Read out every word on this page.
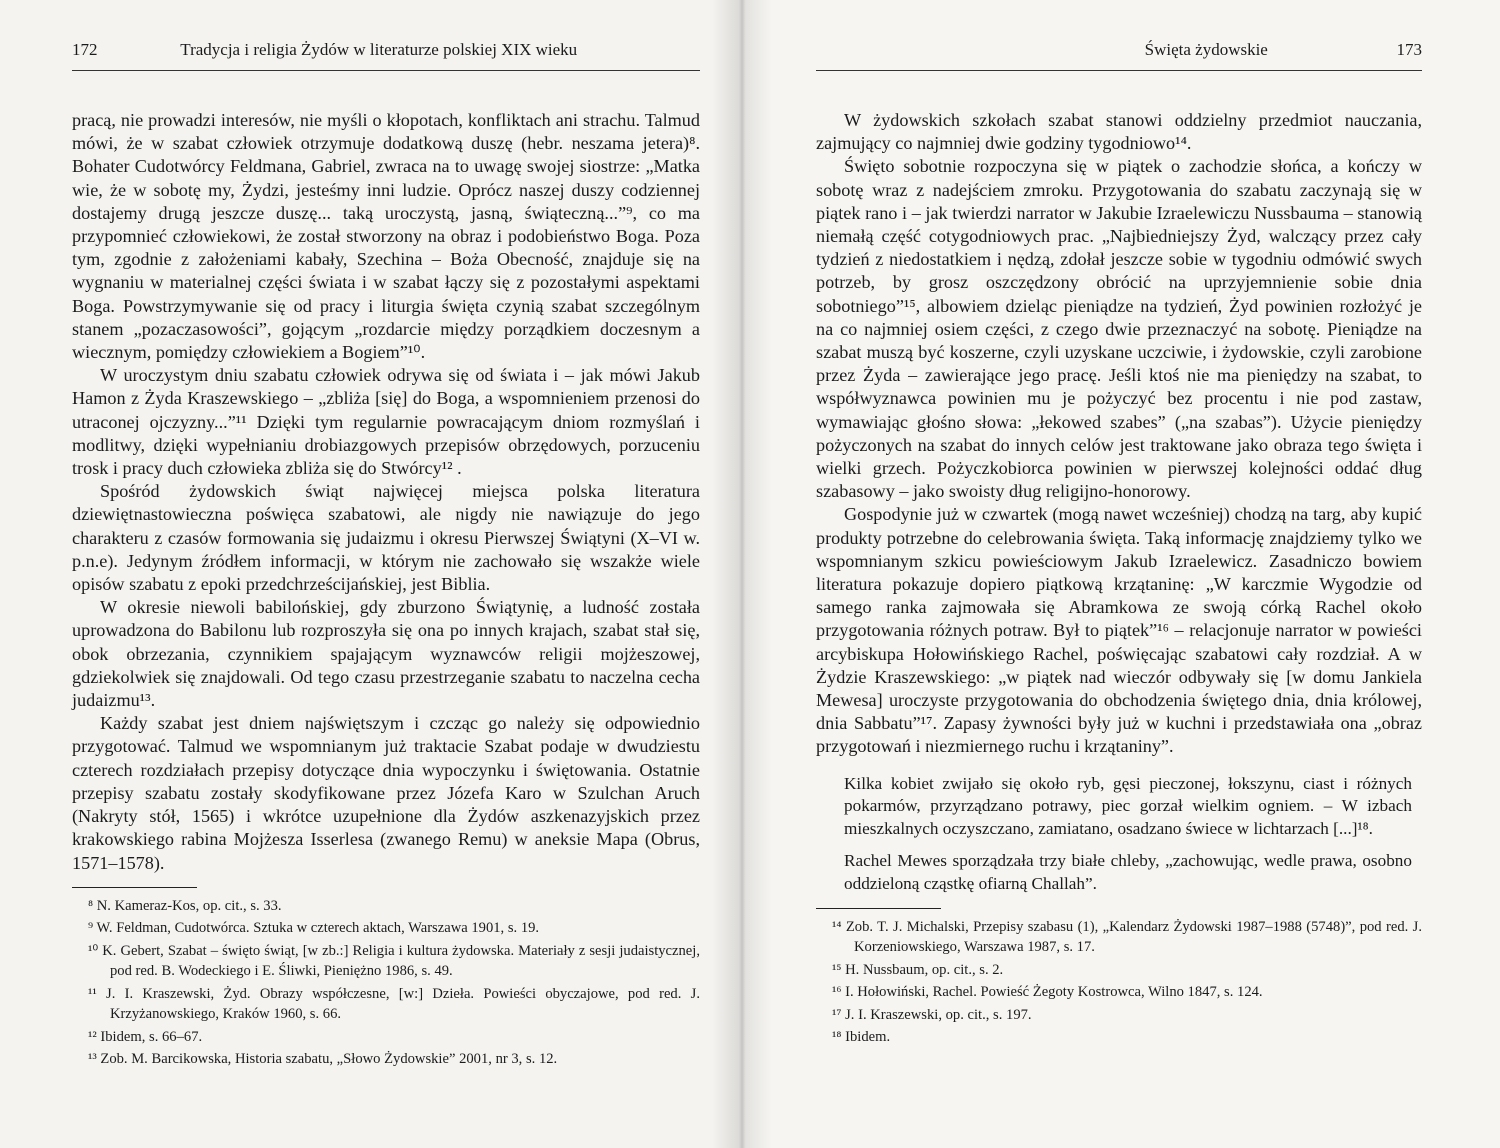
172	Tradycja i religia Żydów w literaturze polskiej XIX wieku

pracą, nie prowadzi interesów, nie myśli o kłopotach, konfliktach ani strachu. Talmud mówi, że w szabat człowiek otrzymuje dodatkową duszę (hebr. neszama jetera)⁸. Bohater Cudotwórcy Feldmana, Gabriel, zwraca na to uwagę swojej siostrze: „Matka wie, że w sobotę my, Żydzi, jesteśmy inni ludzie. Oprócz naszej duszy codziennej dostajemy drugą jeszcze duszę... taką uroczystą, jasną, świąteczną...”⁹, co ma przypomnieć człowiekowi, że został stworzony na obraz i podobieństwo Boga. Poza tym, zgodnie z założeniami kabały, Szechina – Boża Obecność, znajduje się na wygnaniu w materialnej części świata i w szabat łączy się z pozostałymi aspektami Boga. Powstrzymywanie się od pracy i liturgia święta czynią szabat szczególnym stanem „pozaczasowości”, gojącym „rozdarcie między porządkiem doczesnym a wiecznym, pomiędzy człowiekiem a Bogiem”¹⁰.

W uroczystym dniu szabatu człowiek odrywa się od świata i – jak mówi Jakub Hamon z Żyda Kraszewskiego – „zbliża [się] do Boga, a wspomnieniem przenosi do utraconej ojczyzny...”¹¹ Dzięki tym regularnie powracającym dniom rozmyślań i modlitwy, dzięki wypełnianiu drobiazgowych przepisów obrzędowych, porzuceniu trosk i pracy duch człowieka zbliża się do Stwórcy¹² .

Spośród żydowskich świąt najwięcej miejsca polska literatura dziewiętnastowieczna poświęca szabatowi, ale nigdy nie nawiązuje do jego charakteru z czasów formowania się judaizmu i okresu Pierwszej Świątyni (X–VI w. p.n.e). Jedynym źródłem informacji, w którym nie zachowało się wszakże wiele opisów szabatu z epoki przedchrześcijańskiej, jest Biblia.

W okresie niewoli babilońskiej, gdy zburzono Świątynię, a ludność została uprowadzona do Babilonu lub rozproszyła się ona po innych krajach, szabat stał się, obok obrzezania, czynnikiem spajającym wyznawców religii mojżeszowej, gdziekolwiek się znajdowali. Od tego czasu przestrzeganie szabatu to naczelna cecha judaizmu¹³.

Każdy szabat jest dniem najświętszym i czcząc go należy się odpowiednio przygotować. Talmud we wspomnianym już traktacie Szabat podaje w dwudziestu czterech rozdziałach przepisy dotyczące dnia wypoczynku i świętowania. Ostatnie przepisy szabatu zostały skodyfikowane przez Józefa Karo w Szulchan Aruch (Nakryty stół, 1565) i wkrótce uzupełnione dla Żydów aszkenazyjskich przez krakowskiego rabina Mojżesza Isserlesa (zwanego Remu) w aneksie Mapa (Obrus, 1571–1578).

⁸ N. Kameraz-Kos, op. cit., s. 33.
⁹ W. Feldman, Cudotwórca. Sztuka w czterech aktach, Warszawa 1901, s. 19.
¹⁰ K. Gebert, Szabat – święto świąt, [w zb.:] Religia i kultura żydowska. Materiały z sesji judaistycznej, pod red. B. Wodeckiego i E. Śliwki, Pieniężno 1986, s. 49.
¹¹ J. I. Kraszewski, Żyd. Obrazy współczesne, [w:] Dzieła. Powieści obyczajowe, pod red. J. Krzyżanowskiego, Kraków 1960, s. 66.
¹² Ibidem, s. 66–67.
¹³ Zob. M. Barcikowska, Historia szabatu, „Słowo Żydowskie” 2001, nr 3, s. 12.
Święta żydowskie	173

W żydowskich szkołach szabat stanowi oddzielny przedmiot nauczania, zajmujący co najmniej dwie godziny tygodniowo¹⁴.

Święto sobotnie rozpoczyna się w piątek o zachodzie słońca, a kończy w sobotę wraz z nadejściem zmroku. Przygotowania do szabatu zaczynają się w piątek rano i – jak twierdzi narrator w Jakubie Izraelewiczu Nussbauma – stanowią niemałą część cotygodniowych prac. „Najbiedniejszy Żyd, walczący przez cały tydzień z niedostatkiem i nędzą, zdołał jeszcze sobie w tygodniu odmówić swych potrzeb, by grosz oszczędzony obrócić na uprzyjemnienie sobie dnia sobotniego”¹⁵, albowiem dzieląc pieniądze na tydzień, Żyd powinien rozłożyć je na co najmniej osiem części, z czego dwie przeznaczyć na sobotę. Pieniądze na szabat muszą być koszerne, czyli uzyskane uczciwie, i żydowskie, czyli zarobione przez Żyda – zawierające jego pracę. Jeśli ktoś nie ma pieniędzy na szabat, to współwyznawca powinien mu je pożyczyć bez procentu i nie pod zastaw, wymawiając głośno słowa: „łekowed szabes” („na szabas”). Użycie pieniędzy pożyczonych na szabat do innych celów jest traktowane jako obraza tego święta i wielki grzech. Pożyczkobiorca powinien w pierwszej kolejności oddać dług szabasowy – jako swoisty dług religijno-honorowy.

Gospodynie już w czwartek (mogą nawet wcześniej) chodzą na targ, aby kupić produkty potrzebne do celebrowania święta. Taką informację znajdziemy tylko we wspomnianym szkicu powieściowym Jakub Izraelewicz. Zasadniczo bowiem literatura pokazuje dopiero piątkową krzątaninę: „W karczmie Wygodzie od samego ranka zajmowała się Abramkowa ze swoją córką Rachel około przygotowania różnych potraw. Był to piątek”¹⁶ – relacjonuje narrator w powieści arcybiskupa Hołowińskiego Rachel, poświęcając szabatowi cały rozdział. A w Żydzie Kraszewskiego: „w piątek nad wieczór odbywały się [w domu Jankiela Mewesa] uroczyste przygotowania do obchodzenia świętego dnia, dnia królowej, dnia Sabbatu”¹⁷. Zapasy żywności były już w kuchni i przedstawiała ona „obraz przygotowań i niezmiernego ruchu i krzątaniny”.

Kilka kobiet zwijało się około ryb, gęsi pieczonej, łokszynu, ciast i różnych pokarmów, przyrządzano potrawy, piec gorzał wielkim ogniem. – W izbach mieszkalnych oczyszczano, zamiatano, osadzano świece w lichtarzach [...]¹⁸.
Rachel Mewes sporządzała trzy białe chleby, „zachowując, wedle prawa, osobno oddzieloną cząstkę ofiarną Challah”.
¹⁴ Zob. T. J. Michalski, Przepisy szabasu (1), „Kalendarz Żydowski 1987–1988 (5748)”, pod red. J. Korzeniowskiego, Warszawa 1987, s. 17.
¹⁵ H. Nussbaum, op. cit., s. 2.
¹⁶ I. Hołowiński, Rachel. Powieść Żegoty Kostrowca, Wilno 1847, s. 124.
¹⁷ J. I. Kraszewski, op. cit., s. 197.
¹⁸ Ibidem.
